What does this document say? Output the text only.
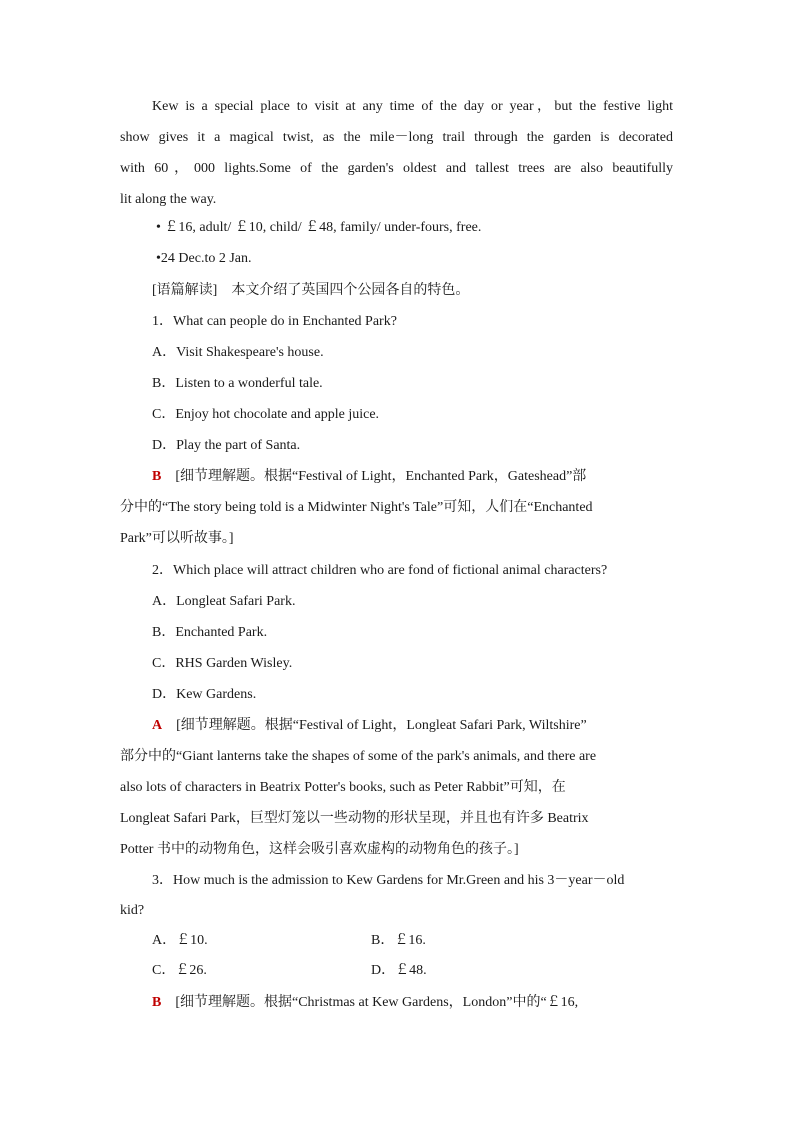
Kew is a special place to visit at any time of the day or year，but the festive light
show gives it a magical twist, as the mile－long trail through the garden is decorated
with 60，000 lights.Some of the garden's oldest and tallest trees are also beautifully
lit along the way.
• ￡16, adult/ ￡10, child/ ￡48, family/ under-fours, free.
•24 Dec.to 2 Jan.
[语篇解读]　本文介绍了英国四个公园各自的特色。
1．What can people do in Enchanted Park?
A．Visit Shakespeare's house.
B．Listen to a wonderful tale.
C．Enjoy hot chocolate and apple juice.
D．Play the part of Santa.
B  [细节理解题。根据“Festival of Light，Enchanted Park，Gateshead”部
分中的“The story being told is a Midwinter Night's Tale”可知，人们在“Enchanted
Park”可以听故事。]
2．Which place will attract children who are fond of fictional animal characters?
A．Longleat Safari Park.
B．Enchanted Park.
C．RHS Garden Wisley.
D．Kew Gardens.
A  [细节理解题。根据“Festival of Light，Longleat Safari Park, Wiltshire”
部分中的“Giant lanterns take the shapes of some of the park's animals, and there are
also lots of characters in Beatrix Potter's books, such as Peter Rabbit”可知，在
Longleat Safari Park，巨型灯笼以一些动物的形状呈现，并且也有许多 Beatrix
Potter 书中的动物角色，这样会吸引喜欢虚构的动物角色的孩子。]
3．How much is the admission to Kew Gardens for Mr.Green and his 3－year－old
kid?
A．￡10.	B．￡16.
C．￡26.	D．￡48.
B  [细节理解题。根据“Christmas at Kew Gardens，London”中的“￡16,
